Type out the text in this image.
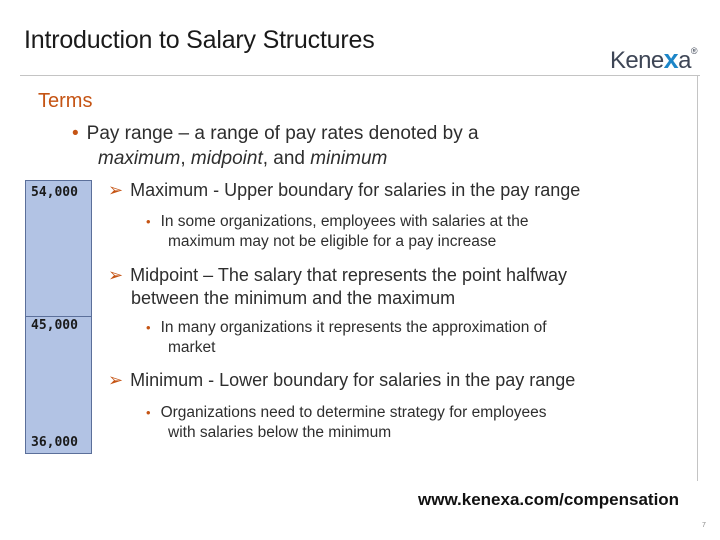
Introduction to Salary Structures
Kenexa®
Terms
• Pay range – a range of pay rates denoted by a
maximum, midpoint, and minimum
54,000
45,000
36,000
➢ Maximum - Upper boundary for salaries in the pay range
• In some organizations, employees with salaries at the
maximum may not be eligible for a pay increase
➢ Midpoint – The salary that represents the point halfway
between the minimum and the maximum
• In many organizations it represents the approximation of
market
➢ Minimum - Lower boundary for salaries in the pay range
• Organizations need to determine strategy for employees
with salaries below the minimum
www.kenexa.com/compensation
7
